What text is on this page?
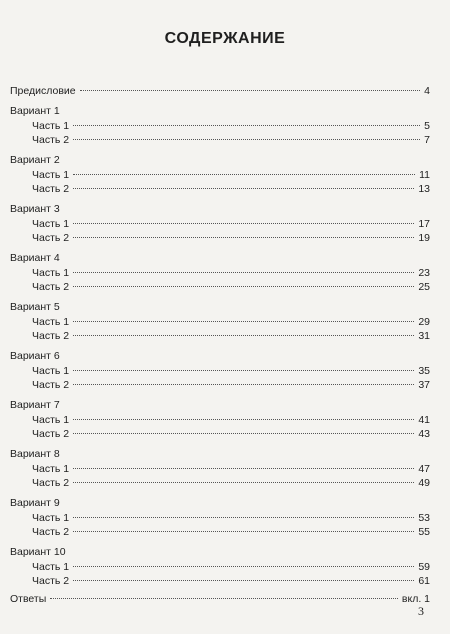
СОДЕРЖАНИЕ
Предисловие	4
Вариант 1
Часть 1	5
Часть 2	7
Вариант 2
Часть 1	11
Часть 2	13
Вариант 3
Часть 1	17
Часть 2	19
Вариант 4
Часть 1	23
Часть 2	25
Вариант 5
Часть 1	29
Часть 2	31
Вариант 6
Часть 1	35
Часть 2	37
Вариант 7
Часть 1	41
Часть 2	43
Вариант 8
Часть 1	47
Часть 2	49
Вариант 9
Часть 1	53
Часть 2	55
Вариант 10
Часть 1	59
Часть 2	61
Ответы	вкл. 1
3
